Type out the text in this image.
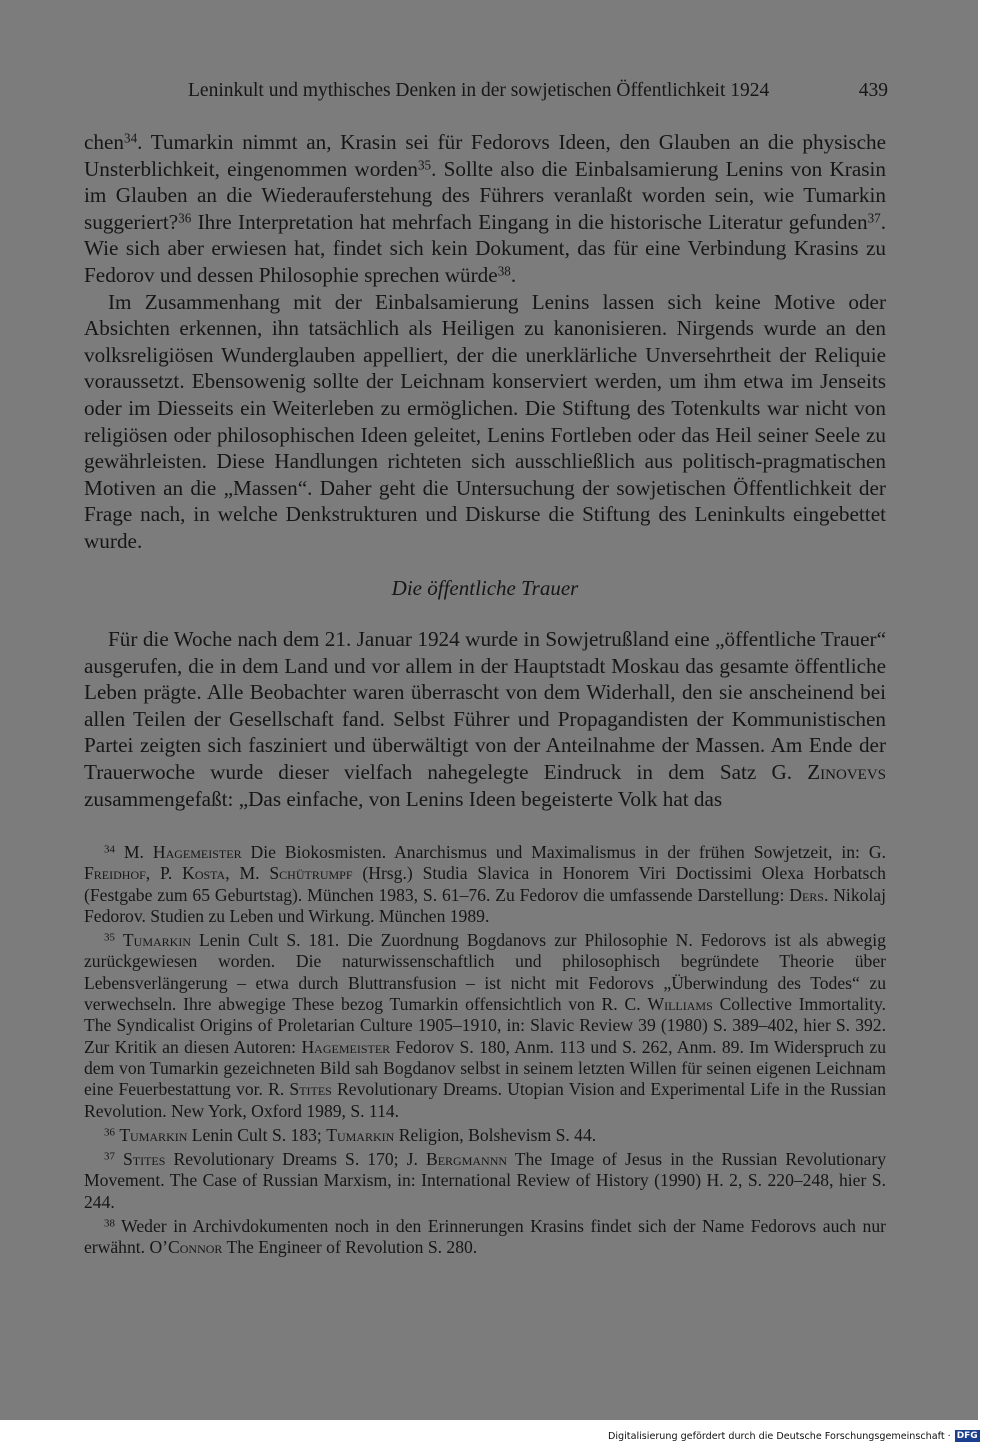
Leninkult und mythisches Denken in der sowjetischen Öffentlichkeit 1924	439

chen$^{34}$. Tumarkin nimmt an, Krasin sei für Fedorovs Ideen, den Glauben an die physische Unsterblichkeit, eingenommen worden$^{35}$. Sollte also die Einbalsamierung Lenins von Krasin im Glauben an die Wiederauferstehung des Führers veranlaßt worden sein, wie Tumarkin suggeriert?$^{36}$ Ihre Interpretation hat mehrfach Eingang in die historische Literatur gefunden$^{37}$. Wie sich aber erwiesen hat, findet sich kein Dokument, das für eine Verbindung Krasins zu Fedorov und dessen Philosophie sprechen würde$^{38}$.

Im Zusammenhang mit der Einbalsamierung Lenins lassen sich keine Motive oder Absichten erkennen, ihn tatsächlich als Heiligen zu kanonisieren. Nirgends wurde an den volksreligiösen Wunderglauben appelliert, der die unerklärliche Unversehrtheit der Reliquie voraussetzt. Ebensowenig sollte der Leichnam konserviert werden, um ihm etwa im Jenseits oder im Diesseits ein Weiterleben zu ermöglichen. Die Stiftung des Totenkults war nicht von religiösen oder philosophischen Ideen geleitet, Lenins Fortleben oder das Heil seiner Seele zu gewährleisten. Diese Handlungen richteten sich ausschließlich aus politisch-pragmatischen Motiven an die „Massen“. Daher geht die Untersuchung der sowjetischen Öffentlichkeit der Frage nach, in welche Denkstrukturen und Diskurse die Stiftung des Leninkults eingebettet wurde.

Die öffentliche Trauer

Für die Woche nach dem 21. Januar 1924 wurde in Sowjetrußland eine „öffentliche Trauer“ ausgerufen, die in dem Land und vor allem in der Hauptstadt Moskau das gesamte öffentliche Leben prägte. Alle Beobachter waren überrascht von dem Widerhall, den sie anscheinend bei allen Teilen der Gesellschaft fand. Selbst Führer und Propagandisten der Kommunistischen Partei zeigten sich fasziniert und überwältigt von der Anteilnahme der Massen. Am Ende der Trauerwoche wurde dieser vielfach nahegelegte Eindruck in dem Satz G. Zinovevs zusammengefaßt: „Das einfache, von Lenins Ideen begeisterte Volk hat das

$^{34}$ M. Hagemeister Die Biokosmisten. Anarchismus und Maximalismus in der frühen Sowjetzeit, in: G. Freidhof, P. Kosta, M. Schütrumpf (Hrsg.) Studia Slavica in Honorem Viri Doctissimi Olexa Horbatsch (Festgabe zum 65 Geburtstag). München 1983, S. 61–76. Zu Fedorov die umfassende Darstellung: Ders. Nikolaj Fedorov. Studien zu Leben und Wirkung. München 1989.

$^{35}$ Tumarkin Lenin Cult S. 181. Die Zuordnung Bogdanovs zur Philosophie N. Fedorovs ist als abwegig zurückgewiesen worden. Die naturwissenschaftlich und philosophisch begründete Theorie über Lebensverlängerung – etwa durch Bluttransfusion – ist nicht mit Fedorovs „Überwindung des Todes“ zu verwechseln. Ihre abwegige These bezog Tumarkin offensichtlich von R. C. Williams Collective Immortality. The Syndicalist Origins of Proletarian Culture 1905–1910, in: Slavic Review 39 (1980) S. 389–402, hier S. 392. Zur Kritik an diesen Autoren: Hagemeister Fedorov S. 180, Anm. 113 und S. 262, Anm. 89. Im Widerspruch zu dem von Tumarkin gezeichneten Bild sah Bogdanov selbst in seinem letzten Willen für seinen eigenen Leichnam eine Feuerbestattung vor. R. Stites Revolutionary Dreams. Utopian Vision and Experimental Life in the Russian Revolution. New York, Oxford 1989, S. 114.

$^{36}$ Tumarkin Lenin Cult S. 183; Tumarkin Religion, Bolshevism S. 44.

$^{37}$ Stites Revolutionary Dreams S. 170; J. Bergmannn The Image of Jesus in the Russian Revolutionary Movement. The Case of Russian Marxism, in: International Review of History (1990) H. 2, S. 220–248, hier S. 244.

$^{38}$ Weder in Archivdokumenten noch in den Erinnerungen Krasins findet sich der Name Fedorovs auch nur erwähnt. O’Connor The Engineer of Revolution S. 280.

Digitalisierung gefördert durch die Deutsche Forschungsgemeinschaft · DFG
